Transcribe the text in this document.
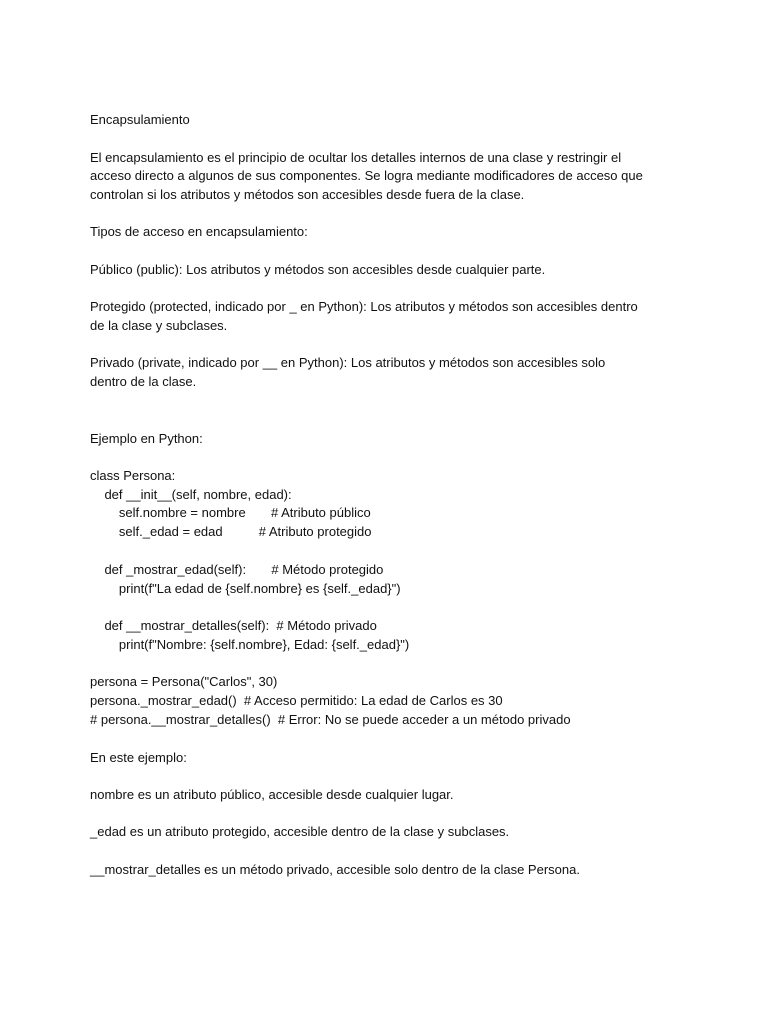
Encapsulamiento
El encapsulamiento es el principio de ocultar los detalles internos de una clase y restringir el
acceso directo a algunos de sus componentes. Se logra mediante modificadores de acceso que
controlan si los atributos y métodos son accesibles desde fuera de la clase.
Tipos de acceso en encapsulamiento:
Público (public): Los atributos y métodos son accesibles desde cualquier parte.
Protegido (protected, indicado por _ en Python): Los atributos y métodos son accesibles dentro
de la clase y subclases.
Privado (private, indicado por __ en Python): Los atributos y métodos son accesibles solo
dentro de la clase.
Ejemplo en Python:
class Persona:
def __init__(self, nombre, edad):
self.nombre = nombre       # Atributo público
self._edad = edad          # Atributo protegido
def _mostrar_edad(self):       # Método protegido
print(f"La edad de {self.nombre} es {self._edad}")
def __mostrar_detalles(self):  # Método privado
print(f"Nombre: {self.nombre}, Edad: {self._edad}")
persona = Persona("Carlos", 30)
persona._mostrar_edad()  # Acceso permitido: La edad de Carlos es 30
# persona.__mostrar_detalles()  # Error: No se puede acceder a un método privado
En este ejemplo:
nombre es un atributo público, accesible desde cualquier lugar.
_edad es un atributo protegido, accesible dentro de la clase y subclases.
__mostrar_detalles es un método privado, accesible solo dentro de la clase Persona.
